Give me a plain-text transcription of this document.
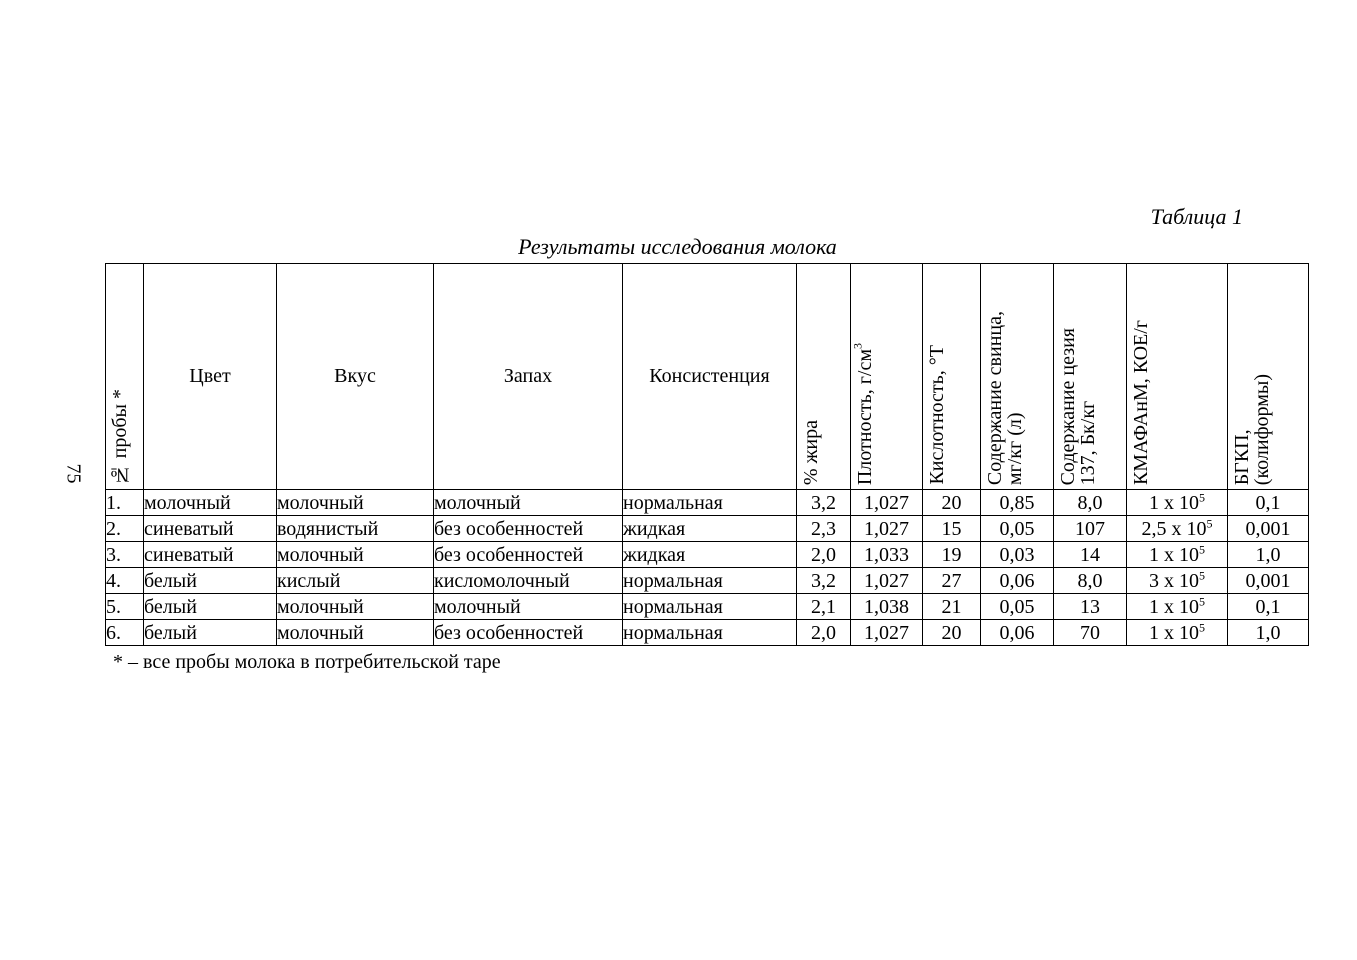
75
Таблица 1
Результаты исследования молока
№ пробы *	Цвет	Вкус	Запах	Консистенция	% жира	Плотность, $г/см^3$	Кислотность, °Т	Содержание свинца,
мг/кг (л)	Содержание цезия
137, Бк/кг	КМАФАнМ, КОЕ/г	БГКП,
(колиформы)

1.	молочный	молочный	молочный	нормальная	3,2	1,027	20	0,85	8,0	1 х $10^5$	0,1
2.	синеватый	водянистый	без особенностей	жидкая	2,3	1,027	15	0,05	107	2,5 х $10^5$	0,001
3.	синеватый	молочный	без особенностей	жидкая	2,0	1,033	19	0,03	14	1 х $10^5$	1,0
4.	белый	кислый	кисломолочный	нормальная	3,2	1,027	27	0,06	8,0	3 х $10^5$	0,001
5.	белый	молочный	молочный	нормальная	2,1	1,038	21	0,05	13	1 х $10^5$	0,1
6.	белый	молочный	без особенностей	нормальная	2,0	1,027	20	0,06	70	1 х $10^5$	1,0
* – все пробы молока в потребительской таре
